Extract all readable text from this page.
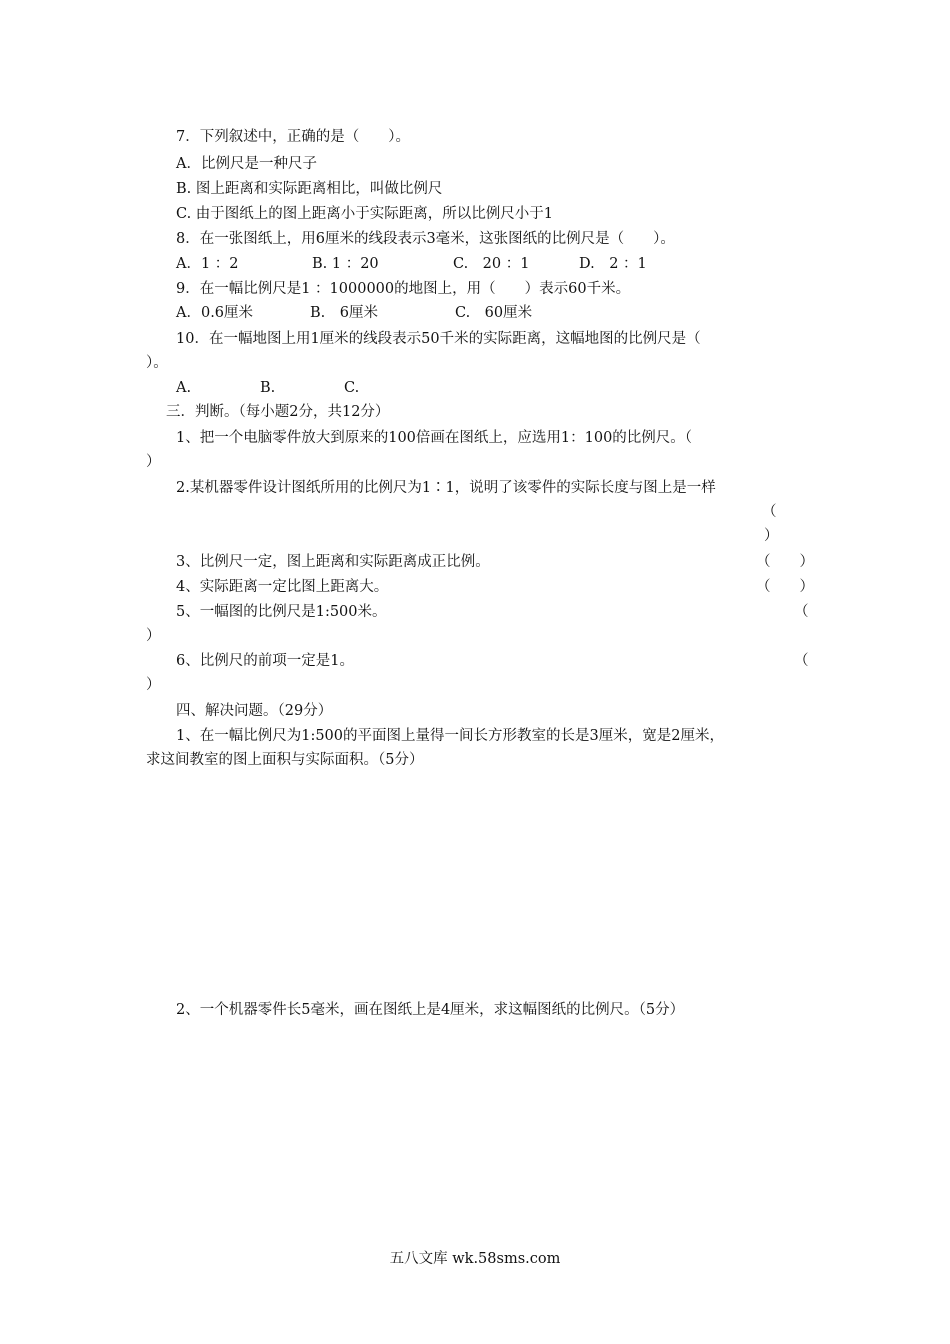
7．下列叙述中，正确的是（　　）。
A．比例尺是一种尺子
B. 图上距离和实际距离相比，叫做比例尺
C. 由于图纸上的图上距离小于实际距离，所以比例尺小于1
8．在一张图纸上，用6厘米的线段表示3毫米，这张图纸的比例尺是（　　）。
A．1 ：2	B. 1 ：20	C.　20 ：1	D.　2 ：1
9．在一幅比例尺是1 ：1000000的地图上，用（　　）表示60千米。
A．0.6厘米	B.　6厘米	C.　60厘米
10．在一幅地图上用1厘米的线段表示50千米的实际距离，这幅地图的比例尺是（
）。
A.	B.	C.
三．判断。（每小题2分，共12分）
1、把一个电脑零件放大到原来的100倍画在图纸上，应选用1：100的比例尺。（
）
2.某机器零件设计图纸所用的比例尺为1∶1，说明了该零件的实际长度与图上是一样
（
）
3、比例尺一定，图上距离和实际距离成正比例。	（　　）
4、实际距离一定比图上距离大。	（　　）
5、一幅图的比例尺是1:500米。	（
）
6、比例尺的前项一定是1。	（
）
四、解决问题。（29分）
1、在一幅比例尺为1:500的平面图上量得一间长方形教室的长是3厘米，宽是2厘米，
求这间教室的图上面积与实际面积。（5分）
2、一个机器零件长5毫米，画在图纸上是4厘米，求这幅图纸的比例尺。（5分）
五八文库 wk.58sms.com
